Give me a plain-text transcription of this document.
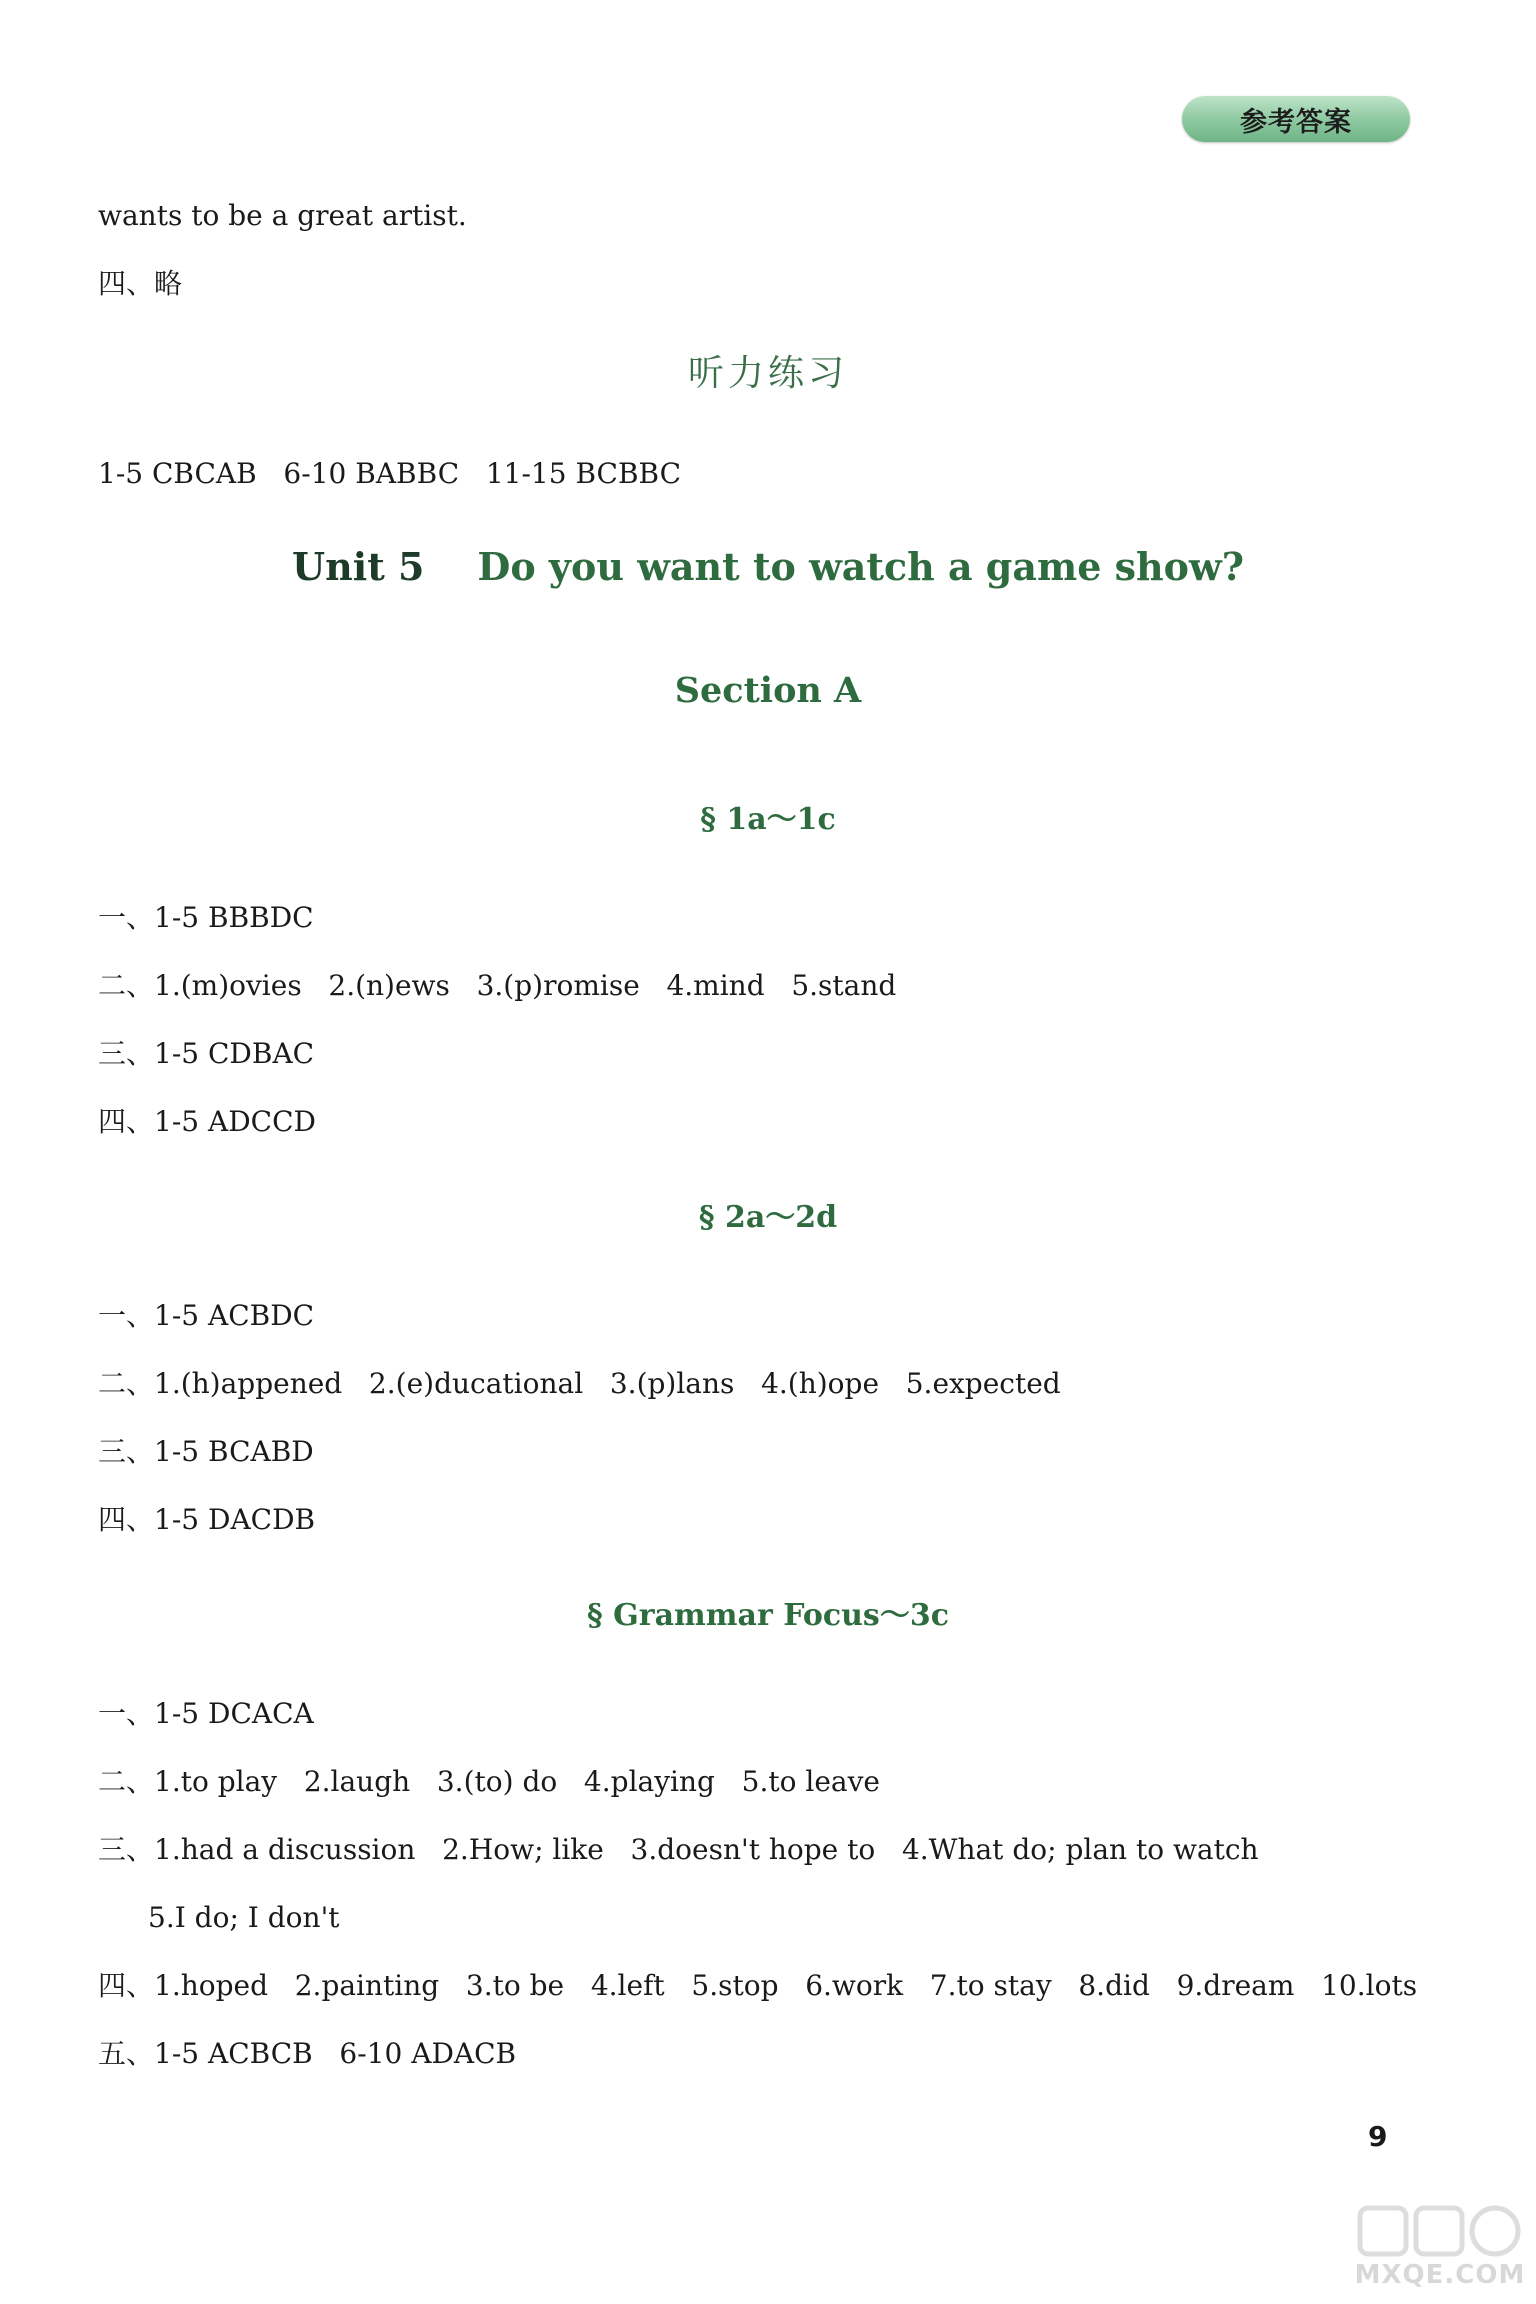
参考答案
wants to be a great artist.
四、略
听力练习
1-5 CBCAB   6-10 BABBC   11-15 BCBBC
Unit 5 Do you want to watch a game show?
Section A
§ 1a～1c
一、1-5 BBBDC
二、1.(m)ovies   2.(n)ews   3.(p)romise   4.mind   5.stand
三、1-5 CDBAC
四、1-5 ADCCD
§ 2a～2d
一、1-5 ACBDC
二、1.(h)appened   2.(e)ducational   3.(p)lans   4.(h)ope   5.expected
三、1-5 BCABD
四、1-5 DACDB
§ Grammar Focus～3c
一、1-5 DCACA
二、1.to play   2.laugh   3.(to) do   4.playing   5.to leave
三、1.had a discussion   2.How; like   3.doesn't hope to   4.What do; plan to watch
5.I do; I don't
四、1.hoped   2.painting   3.to be   4.left   5.stop   6.work   7.to stay   8.did   9.dream   10.lots
五、1-5 ACBCB   6-10 ADACB
9
MXQE.COM
